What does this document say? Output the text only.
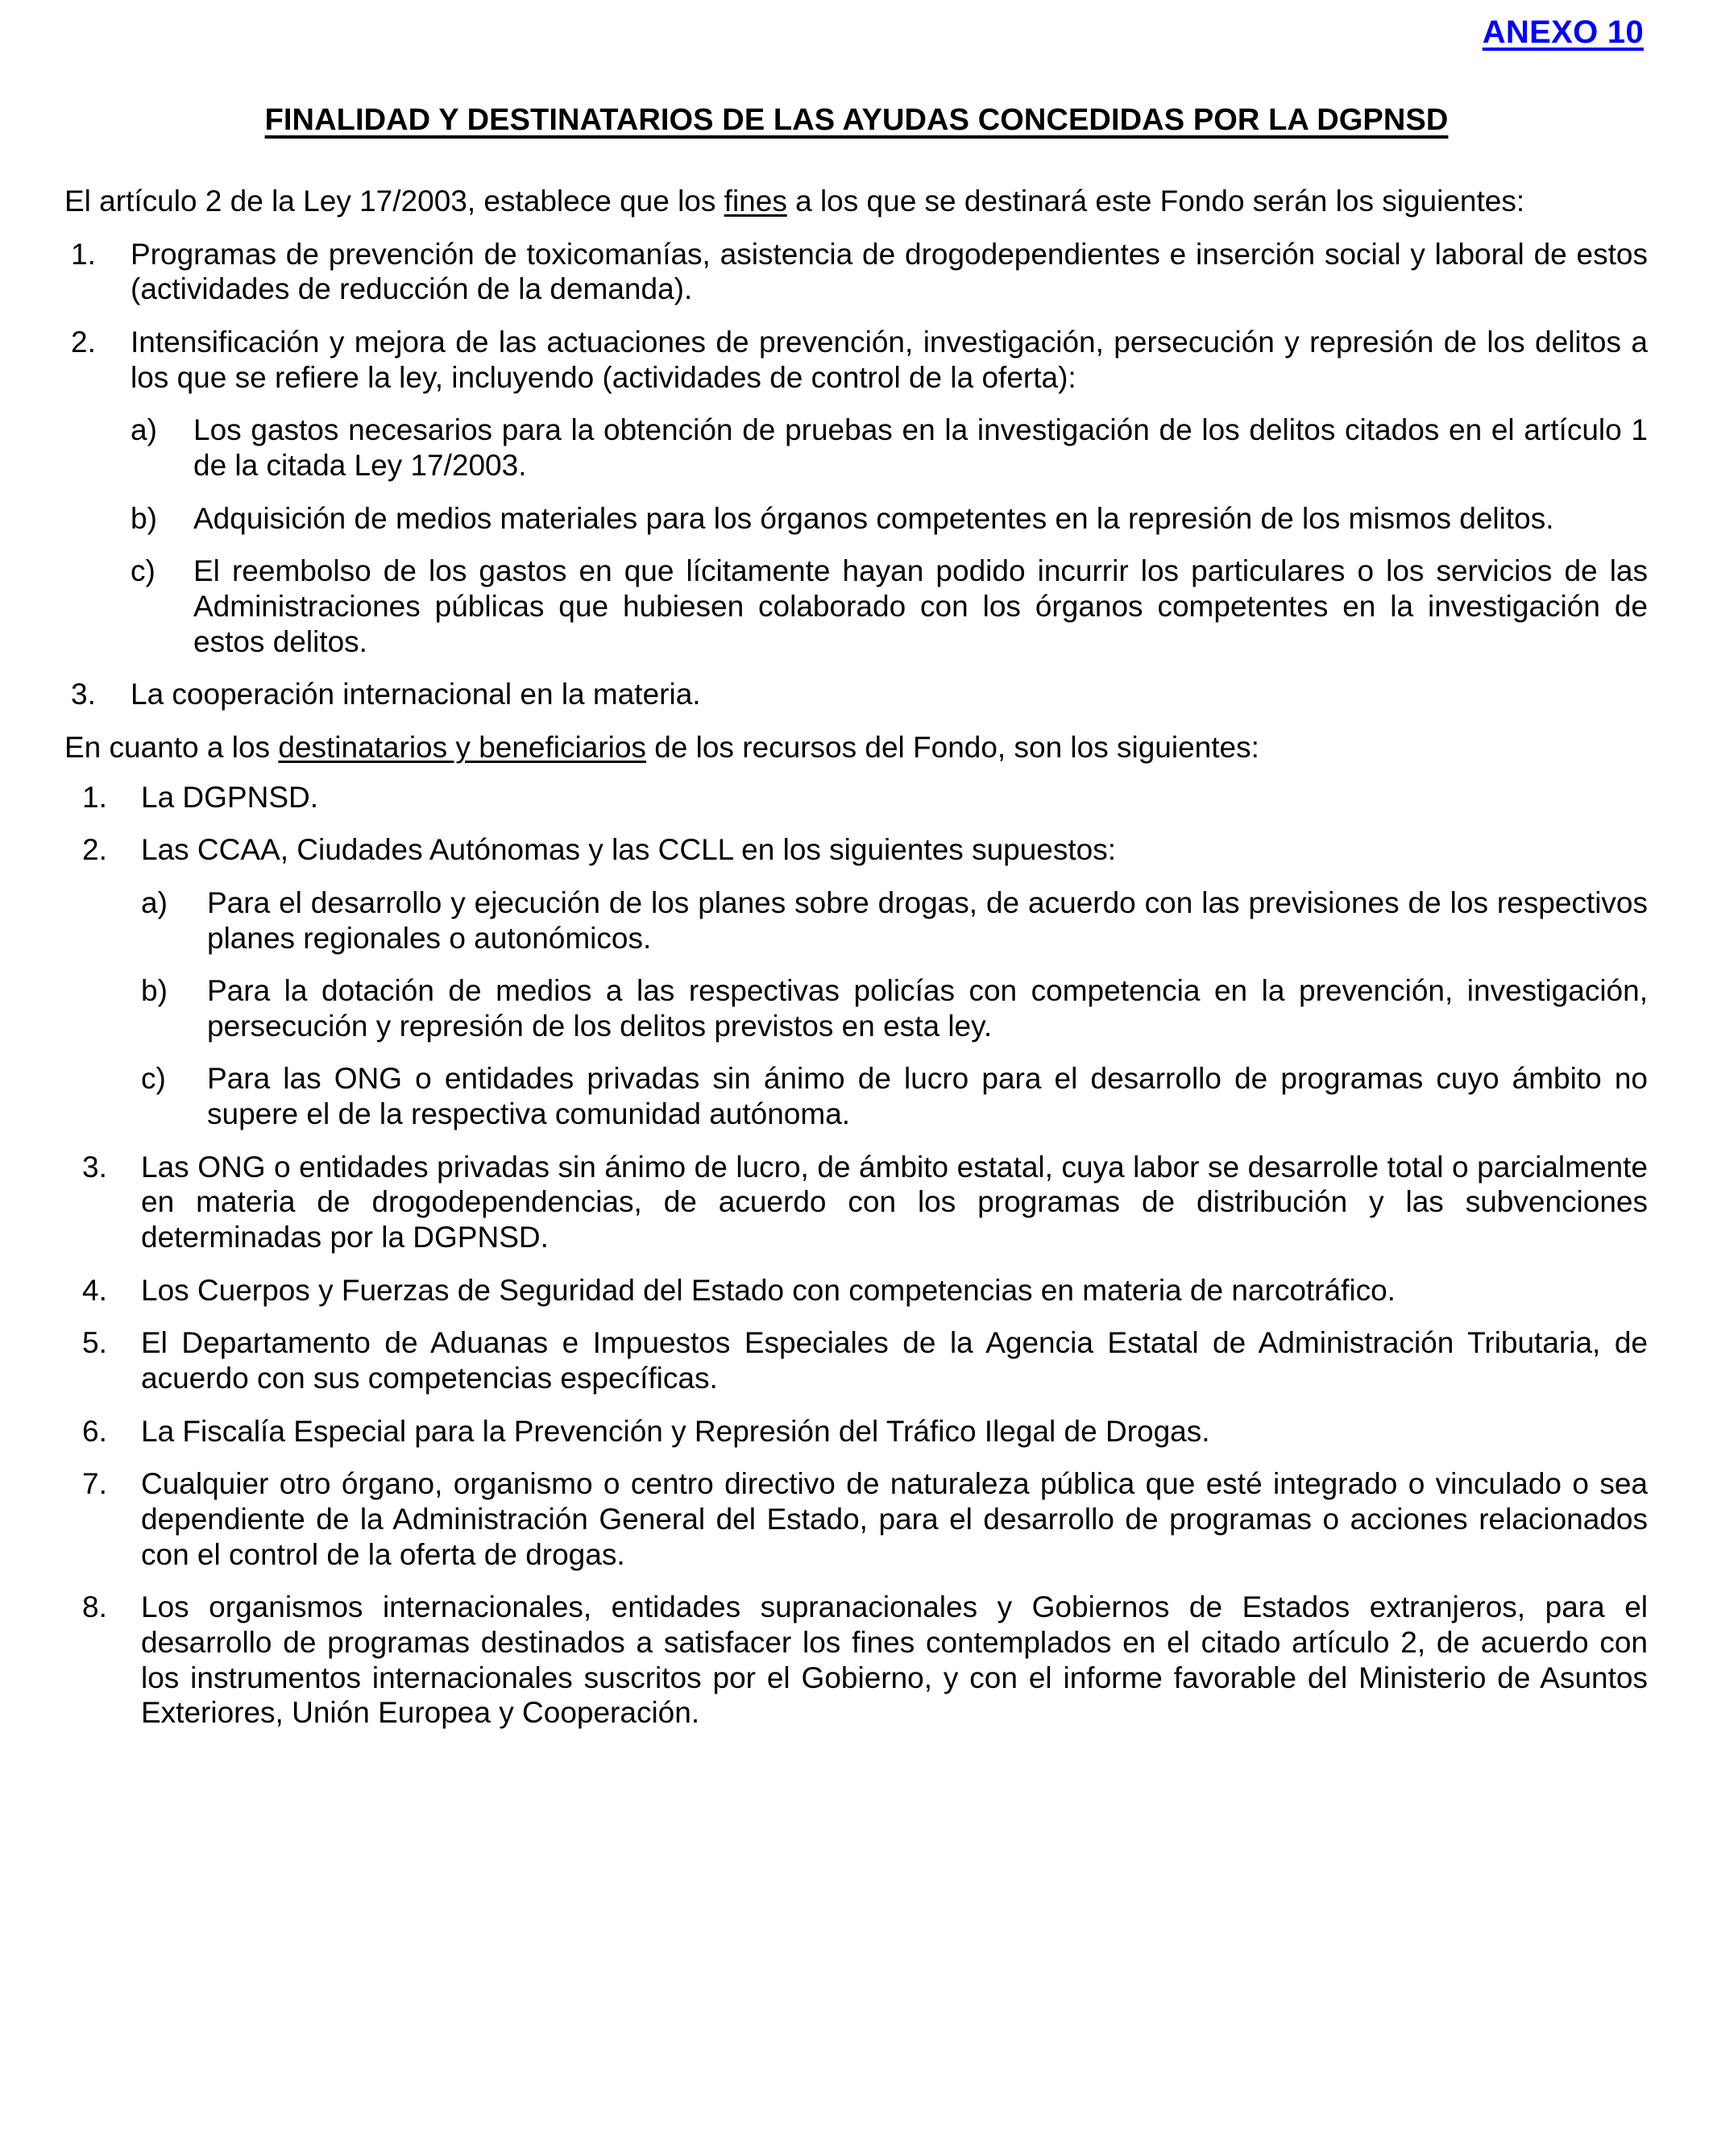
ANEXO 10
FINALIDAD Y DESTINATARIOS DE LAS AYUDAS CONCEDIDAS POR LA DGPNSD

El artículo 2 de la Ley 17/2003, establece que los fines a los que se destinará este Fondo serán los siguientes:

1.	Programas de prevención de toxicomanías, asistencia de drogodependientes e inserción social y laboral de estos (actividades de reducción de la demanda).
2.	Intensificación y mejora de las actuaciones de prevención, investigación, persecución y represión de los delitos a los que se refiere la ley, incluyendo (actividades de control de la oferta):
a)	Los gastos necesarios para la obtención de pruebas en la investigación de los delitos citados en el artículo 1 de la citada Ley 17/2003.
b)	Adquisición de medios materiales para los órganos competentes en la represión de los mismos delitos.
c)	El reembolso de los gastos en que lícitamente hayan podido incurrir los particulares o los servicios de las Administraciones públicas que hubiesen colaborado con los órganos competentes en la investigación de estos delitos.
3.	La cooperación internacional en la materia.

En cuanto a los destinatarios y beneficiarios de los recursos del Fondo, son los siguientes:

1.	La DGPNSD.
2.	Las CCAA, Ciudades Autónomas y las CCLL en los siguientes supuestos:
a)	Para el desarrollo y ejecución de los planes sobre drogas, de acuerdo con las previsiones de los respectivos planes regionales o autonómicos.
b)	Para la dotación de medios a las respectivas policías con competencia en la prevención, investigación, persecución y represión de los delitos previstos en esta ley.
c)	Para las ONG o entidades privadas sin ánimo de lucro para el desarrollo de programas cuyo ámbito no supere el de la respectiva comunidad autónoma.
3.	Las ONG o entidades privadas sin ánimo de lucro, de ámbito estatal, cuya labor se desarrolle total o parcialmente en materia de drogodependencias, de acuerdo con los programas de distribución y las subvenciones determinadas por la DGPNSD.
4.	Los Cuerpos y Fuerzas de Seguridad del Estado con competencias en materia de narcotráfico.
5.	El Departamento de Aduanas e Impuestos Especiales de la Agencia Estatal de Administración Tributaria, de acuerdo con sus competencias específicas.
6.	La Fiscalía Especial para la Prevención y Represión del Tráfico Ilegal de Drogas.
7.	Cualquier otro órgano, organismo o centro directivo de naturaleza pública que esté integrado o vinculado o sea dependiente de la Administración General del Estado, para el desarrollo de programas o acciones relacionados con el control de la oferta de drogas.
8.	Los organismos internacionales, entidades supranacionales y Gobiernos de Estados extranjeros, para el desarrollo de programas destinados a satisfacer los fines contemplados en el citado artículo 2, de acuerdo con los instrumentos internacionales suscritos por el Gobierno, y con el informe favorable del Ministerio de Asuntos Exteriores, Unión Europea y Cooperación.
